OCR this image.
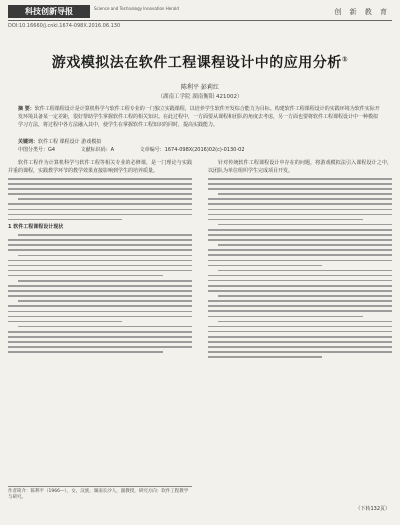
科技创新导报	Science and Technology Innovation Herald	创 新 教 育
DOI:10.16660/j.cnki.1674-098X.2016.06.130
游戏模拟法在软件工程课程设计中的应用分析①
陈利平 彭莉红
（湖南工学院 湖南衡阳 421002）
摘 要：软件工程课程设计是计算机科学与软件工程专业的一门独立实践课程，以培养学生软件开发综合能力为目标。构建软件工程课程设计的实践环境为软件实际开发环境具备某一定差距，很好帮助学生掌握软件工程的相关知识。在此过程中，一方面要从课程和团队的角度去考虑，另一方面也要将软件工程课程设计中一种模拟学习方法，将过程中各方法融入其中，使学生在掌握软件工程知识的同时，提高实践能力。
关键词：软件工程 课程设计 游戏模拟
中图分类号：G4	文献标识码：A	文章编号：1674-098X(2016)02(c)-0130-02

软件工程作为计算机科学与软件工程等相关专业的必修课，是一门理论与实践并重的课程，实践教学环节的教学效果直接影响到学生的培养质量。

1 软件工程课程设计现状

针对传统软件工程课程设计中存在的问题，将游戏模拟法引入课程设计之中，以团队为单位组织学生完成项目开发。

作者简介：陈利平（1966—），女，汉族，湖南长沙人，副教授，研究方向：软件工程教学与研究。
（下转132页）
